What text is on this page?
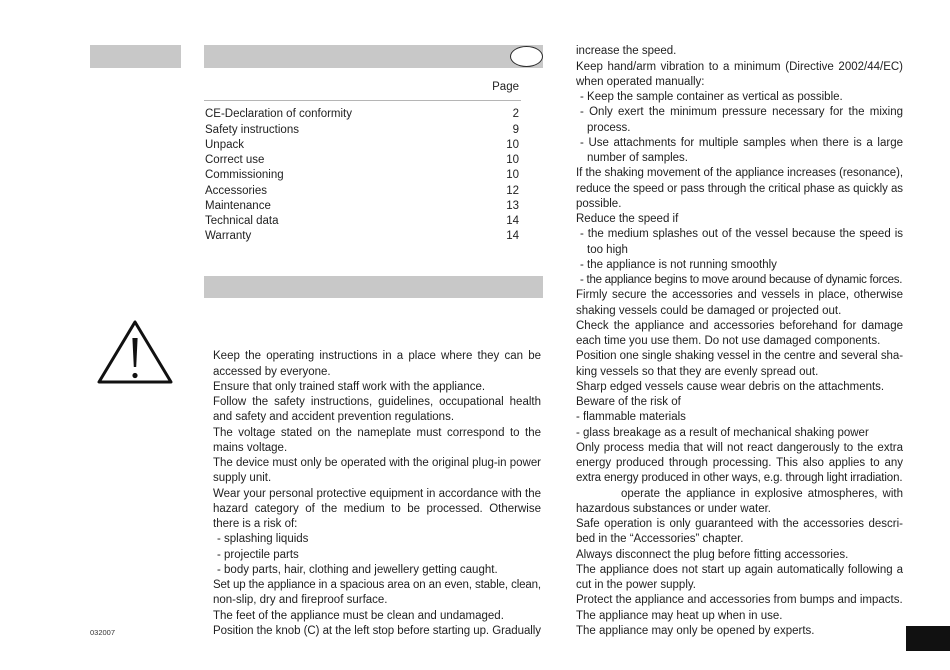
Page
CE-Declaration of conformity	2
Safety instructions	9
Unpack	10
Correct use	10
Commissioning	10
Accessories	12
Maintenance	13
Technical data	14
Warranty	14
Keep the operating instructions in a place where they can be
accessed by everyone.
Ensure that only trained staff work with the appliance.
Follow the safety instructions, guidelines, occupational health
and safety and accident prevention regulations.
The voltage stated on the nameplate must correspond to the
mains voltage.
The device must only be operated with the original plug-in power
supply unit.
Wear your personal protective equipment in accordance with the
hazard category of the medium to be processed. Otherwise
there is a risk of:
- splashing liquids
- projectile parts
- body parts, hair, clothing and jewellery getting caught.
Set up the appliance in a spacious area on an even, stable, clean,
non-slip, dry and fireproof surface.
The feet of the appliance must be clean and undamaged.
Position the knob (C) at the left stop before starting up. Gradually
increase the speed.
Keep hand/arm vibration to a minimum (Directive 2002/44/EC)
when operated manually:
- Keep the sample container as vertical as possible.
- Only exert the minimum pressure necessary for the mixing
process.
- Use attachments for multiple samples when there is a large
number of samples.
If the shaking movement of the appliance increases (resonance),
reduce the speed or pass through the critical phase as quickly as
possible.
Reduce the speed if
- the medium splashes out of the vessel because the speed is
too high
- the appliance is not running smoothly
- the appliance begins to move around because of dynamic forces.
Firmly secure the accessories and vessels in place, otherwise
shaking vessels could be damaged or projected out.
Check the appliance and accessories beforehand for damage
each time you use them. Do not use damaged components.
Position one single shaking vessel in the centre and several sha-
king vessels so that they are evenly spread out.
Sharp edged vessels cause wear debris on the attachments.
Beware of the risk of
- flammable materials
- glass breakage as a result of mechanical shaking power
Only process media that will not react dangerously to the extra
energy produced through processing. This also applies to any
extra energy produced in other ways, e.g. through light irradiation.
operate the appliance in explosive atmospheres, with
hazardous substances or under water.
Safe operation is only guaranteed with the accessories descri-
bed in the “Accessories” chapter.
Always disconnect the plug before fitting accessories.
The appliance does not start up again automatically following a
cut in the power supply.
Protect the appliance and accessories from bumps and impacts.
The appliance may heat up when in use.
The appliance may only be opened by experts.
032007
